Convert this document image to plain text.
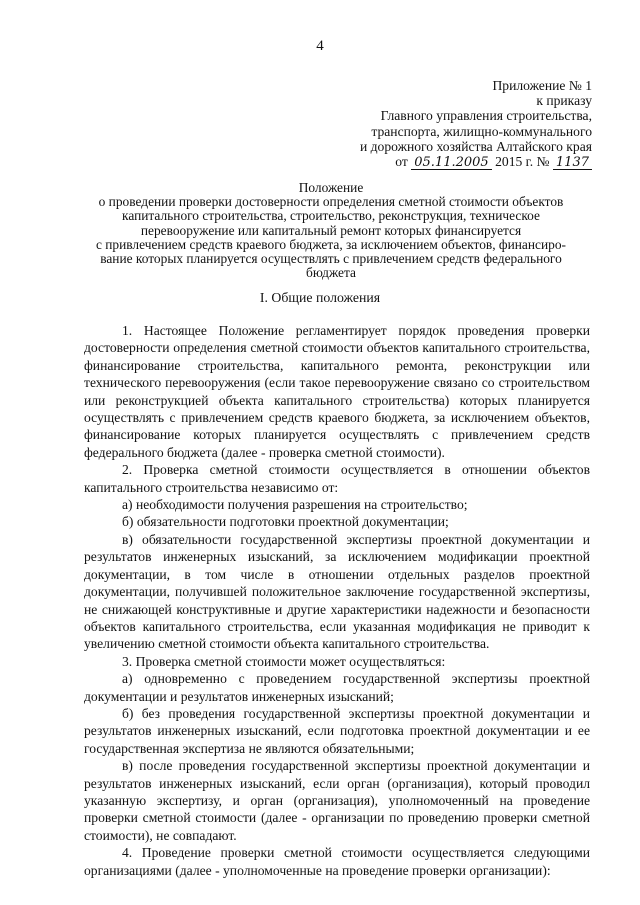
4
Приложение № 1
к приказу
Главного управления строительства,
транспорта, жилищно-коммунального
и дорожного хозяйства Алтайского края
от 05.11.2005 2015 г. № 1137
Положение
о проведении проверки достоверности определения сметной стоимости объектов
капитального строительства, строительство, реконструкция, техническое
перевооружение или капитальный ремонт которых финансируется
с привлечением средств краевого бюджета, за исключением объектов, финансиро-
вание которых планируется осуществлять с привлечением средств федерального
бюджета
I. Общие положения

1. Настоящее Положение регламентирует порядок проведения проверки достоверности определения сметной стоимости объектов капитального строительства, финансирование строительства, капитального ремонта, реконструкции или технического перевооружения (если такое перевооружение связано со строительством или реконструкцией объекта капитального строительства) которых планируется осуществлять с привлечением средств краевого бюджета, за исключением объектов, финансирование которых планируется осуществлять с привлечением средств федерального бюджета (далее - проверка сметной стоимости).

2. Проверка сметной стоимости осуществляется в отношении объектов капитального строительства независимо от:

а) необходимости получения разрешения на строительство;

б) обязательности подготовки проектной документации;

в) обязательности государственной экспертизы проектной документации и результатов инженерных изысканий, за исключением модификации проектной документации, в том числе в отношении отдельных разделов проектной документации, получившей положительное заключение государственной экспертизы, не снижающей конструктивные и другие характеристики надежности и безопасности объектов капитального строительства, если указанная модификация не приводит к увеличению сметной стоимости объекта капитального строительства.

3. Проверка сметной стоимости может осуществляться:

а) одновременно с проведением государственной экспертизы проектной документации и результатов инженерных изысканий;

б) без проведения государственной экспертизы проектной документации и результатов инженерных изысканий, если подготовка проектной документации и ее государственная экспертиза не являются обязательными;

в) после проведения государственной экспертизы проектной документации и результатов инженерных изысканий, если орган (организация), который проводил указанную экспертизу, и орган (организация), уполномоченный на проведение проверки сметной стоимости (далее - организации по проведению проверки сметной стоимости), не совпадают.

4. Проведение проверки сметной стоимости осуществляется следующими организациями (далее - уполномоченные на проведение проверки организации):
